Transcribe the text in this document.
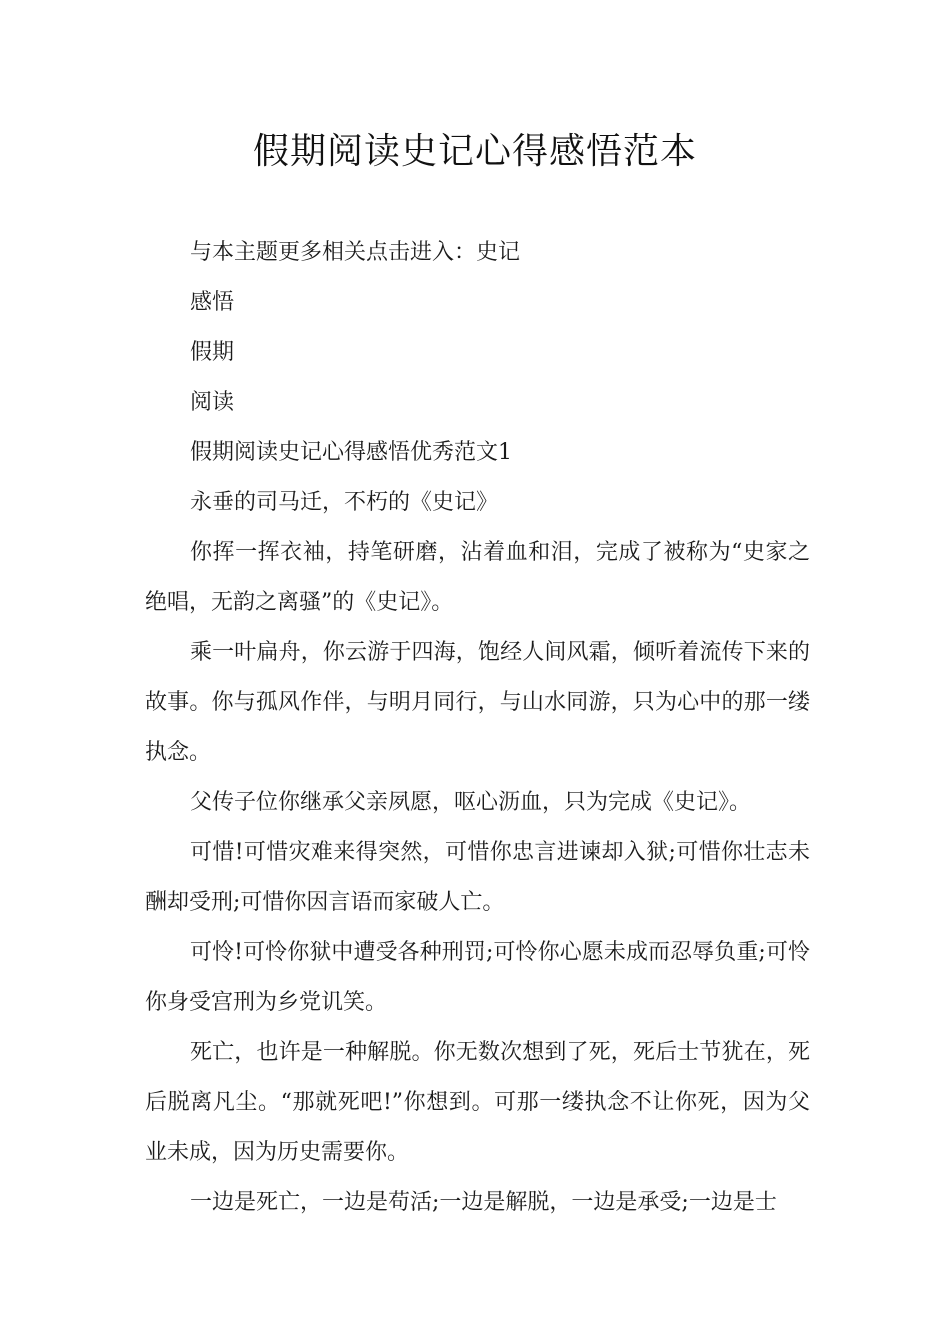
假期阅读史记心得感悟范本

与本主题更多相关点击进入：史记

感悟

假期

阅读

假期阅读史记心得感悟优秀范文1

永垂的司马迁，不朽的《史记》

你挥一挥衣袖，持笔研磨，沾着血和泪，完成了被称为“史家之绝唱，无韵之离骚”的《史记》。

乘一叶扁舟，你云游于四海，饱经人间风霜，倾听着流传下来的故事。你与孤风作伴，与明月同行，与山水同游，只为心中的那一缕执念。

父传子位你继承父亲夙愿，呕心沥血，只为完成《史记》。

可惜!可惜灾难来得突然，可惜你忠言进谏却入狱;可惜你壮志未酬却受刑;可惜你因言语而家破人亡。

可怜!可怜你狱中遭受各种刑罚;可怜你心愿未成而忍辱负重;可怜你身受宫刑为乡党讥笑。

死亡，也许是一种解脱。你无数次想到了死，死后士节犹在，死后脱离凡尘。“那就死吧!”你想到。可那一缕执念不让你死，因为父业未成，因为历史需要你。

一边是死亡，一边是苟活;一边是解脱，一边是承受;一边是士
